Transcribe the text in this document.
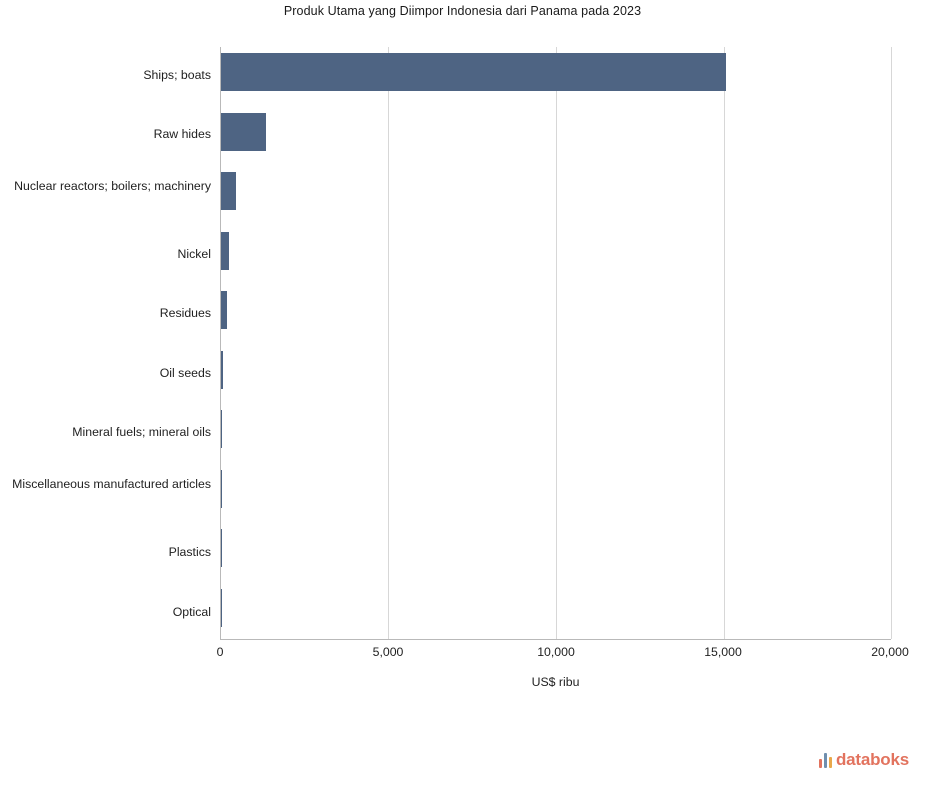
Produk Utama yang Diimpor Indonesia dari Panama pada 2023
Ships; boats
Raw hides
Nuclear reactors; boilers; machinery
Nickel
Residues
Oil seeds
Mineral fuels; mineral oils
Miscellaneous manufactured articles
Plastics
Optical
0	5,000	10,000	15,000	20,000
US$ ribu
databoks
